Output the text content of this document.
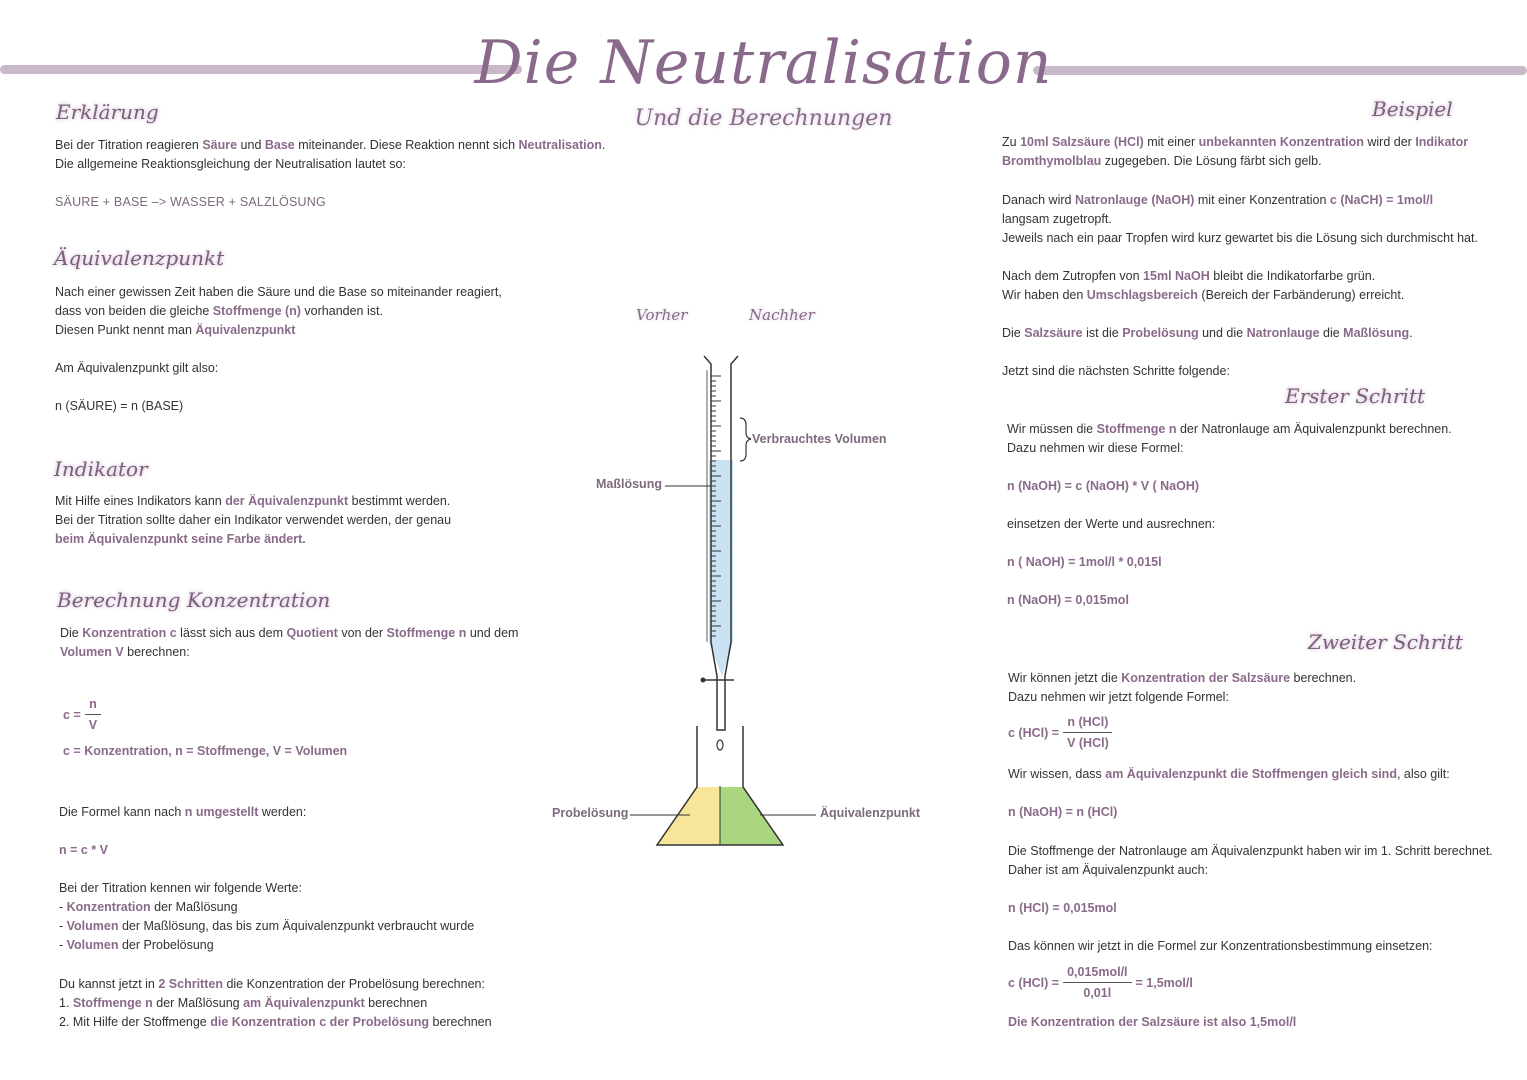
Die Neutralisation
Und die Berechnungen
Erklärung
Bei der Titration reagieren Säure und Base miteinander. Diese Reaktion nennt sich Neutralisation.
Die allgemeine Reaktionsgleichung der Neutralisation lautet so:
SÄURE + BASE –> WASSER + SALZLÖSUNG
Äquivalenzpunkt
Nach einer gewissen Zeit haben die Säure und die Base so miteinander reagiert,
dass von beiden die gleiche Stoffmenge (n) vorhanden ist.
Diesen Punkt nennt man Äquivalenzpunkt
Am Äquivalenzpunkt gilt also:
n (SÄURE) = n (BASE)
Indikator
Mit Hilfe eines Indikators kann der Äquivalenzpunkt bestimmt werden.
Bei der Titration sollte daher ein Indikator verwendet werden, der genau
beim Äquivalenzpunkt seine Farbe ändert.
Berechnung Konzentration
Die Konzentration c lässt sich aus dem Quotient von der Stoffmenge n und dem
Volumen V berechnen:
$c = \frac{n}{V}$
c = Konzentration, n = Stoffmenge, V = Volumen
Die Formel kann nach n umgestellt werden:
n = c * V
Bei der Titration kennen wir folgende Werte:
- Konzentration der Maßlösung
- Volumen der Maßlösung, das bis zum Äquivalenzpunkt verbraucht wurde
- Volumen der Probelösung
Du kannst jetzt in 2 Schritten die Konzentration der Probelösung berechnen:
1. Stoffmenge n der Maßlösung am Äquivalenzpunkt berechnen
2. Mit Hilfe der Stoffmenge die Konzentration c der Probelösung berechnen
Vorher	Nachher
Verbrauchtes Volumen
Maßlösung
Probelösung	Äquivalenzpunkt
Beispiel
Zu 10ml Salzsäure (HCl) mit einer unbekannten Konzentration wird der Indikator
Bromthymolblau zugegeben. Die Lösung färbt sich gelb.
Danach wird Natronlauge (NaOH) mit einer Konzentration c (NaCH) = 1mol/l
langsam zugetropft.
Jeweils nach ein paar Tropfen wird kurz gewartet bis die Lösung sich durchmischt hat.
Nach dem Zutropfen von 15ml NaOH bleibt die Indikatorfarbe grün.
Wir haben den Umschlagsbereich (Bereich der Farbänderung) erreicht.
Die Salzsäure ist die Probelösung und die Natronlauge die Maßlösung.
Jetzt sind die nächsten Schritte folgende:
Erster Schritt
Wir müssen die Stoffmenge n der Natronlauge am Äquivalenzpunkt berechnen.
Dazu nehmen wir diese Formel:
n (NaOH) = c (NaOH) * V ( NaOH)
einsetzen der Werte und ausrechnen:
n ( NaOH) = 1mol/l * 0,015l
n (NaOH) = 0,015mol
Zweiter Schritt
Wir können jetzt die Konzentration der Salzsäure berechnen.
Dazu nehmen wir jetzt folgende Formel:
c $(HCl) = \frac{\text{n (HCl)}}{\text{V (HCl)}}$
Wir wissen, dass am Äquivalenzpunkt die Stoffmengen gleich sind, also gilt:
n (NaOH) = n (HCl)
Die Stoffmenge der Natronlauge am Äquivalenzpunkt haben wir im 1. Schritt berechnet.
Daher ist am Äquivalenzpunkt auch:
n (HCl) = 0,015mol
Das können wir jetzt in die Formel zur Konzentrationsbestimmung einsetzen:
c $(HCl) = \frac{\text{0,015mol/l}}{0,01l} = 1,5mol/l$
Die Konzentration der Salzsäure ist also 1,5mol/l
